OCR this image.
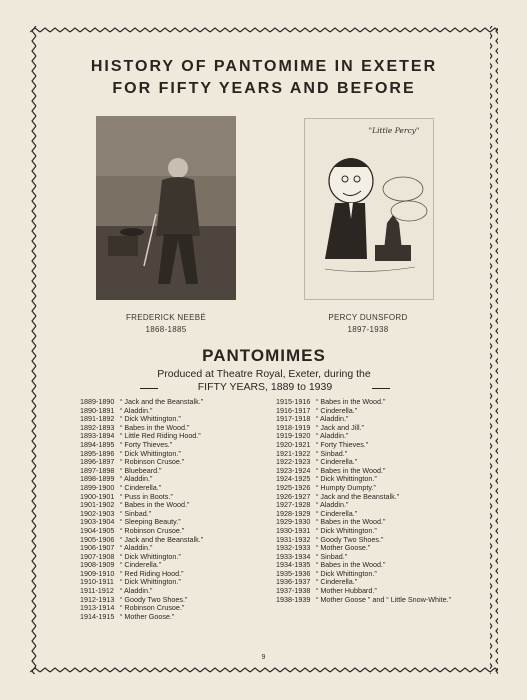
HISTORY OF PANTOMIME IN EXETER
FOR FIFTY YEARS AND BEFORE
"Little Percy"
FREDERICK NEEBÉ
1868-1885
PERCY DUNSFORD
1897-1938
PANTOMIMES
Produced at Theatre Royal, Exeter, during the
FIFTY YEARS, 1889 to 1939
1889-1890 “ Jack and the Beanstalk.”
1890-1891 “ Aladdin.”
1891-1892 “ Dick Whittington.”
1892-1893 “ Babes in the Wood.”
1893-1894 “ Little Red Riding Hood.”
1894-1895 “ Forty Thieves.”
1895-1896 “ Dick Whittington.”
1896-1897 “ Robinson Crusoe.”
1897-1898 “ Bluebeard.”
1898-1899 “ Aladdin.”
1899-1900 “ Cinderella.”
1900-1901 “ Puss in Boots.”
1901-1902 “ Babes in the Wood.”
1902-1903 “ Sinbad.”
1903-1904 “ Sleeping Beauty.”
1904-1905 “ Robinson Crusoe.”
1905-1906 “ Jack and the Beanstalk.”
1906-1907 “ Aladdin.”
1907-1908 “ Dick Whittington.”
1908-1909 “ Cinderella.”
1909-1910 “ Red Riding Hood.”
1910-1911 “ Dick Whittington.”
1911-1912 “ Aladdin.”
1912-1913 “ Goody Two Shoes.”
1913-1914 “ Robinson Crusoe.”
1914-1915 “ Mother Goose.”
1915-1916 “ Babes in the Wood.”
1916-1917 “ Cinderella.”
1917-1918 “ Aladdin.”
1918-1919 “ Jack and Jill.”
1919-1920 “ Aladdin.”
1920-1921 “ Forty Thieves.”
1921-1922 “ Sinbad.”
1922-1923 “ Cinderella.”
1923-1924 “ Babes in the Wood.”
1924-1925 “ Dick Whittington.”
1925-1926 “ Humpty Dumpty.”
1926-1927 “ Jack and the Beanstalk.”
1927-1928 “ Aladdin.”
1928-1929 “ Cinderella.”
1929-1930 “ Babes in the Wood.”
1930-1931 “ Dick Whittington.”
1931-1932 “ Goody Two Shoes.”
1932-1933 “ Mother Goose.”
1933-1934 “ Sinbad.”
1934-1935 “ Babes in the Wood.”
1935-1936 “ Dick Whittington.”
1936-1937 “ Cinderella.”
1937-1938 “ Mother Hubbard.”
1938-1939 “ Mother Goose ” and “ Little Snow-White.”
9
